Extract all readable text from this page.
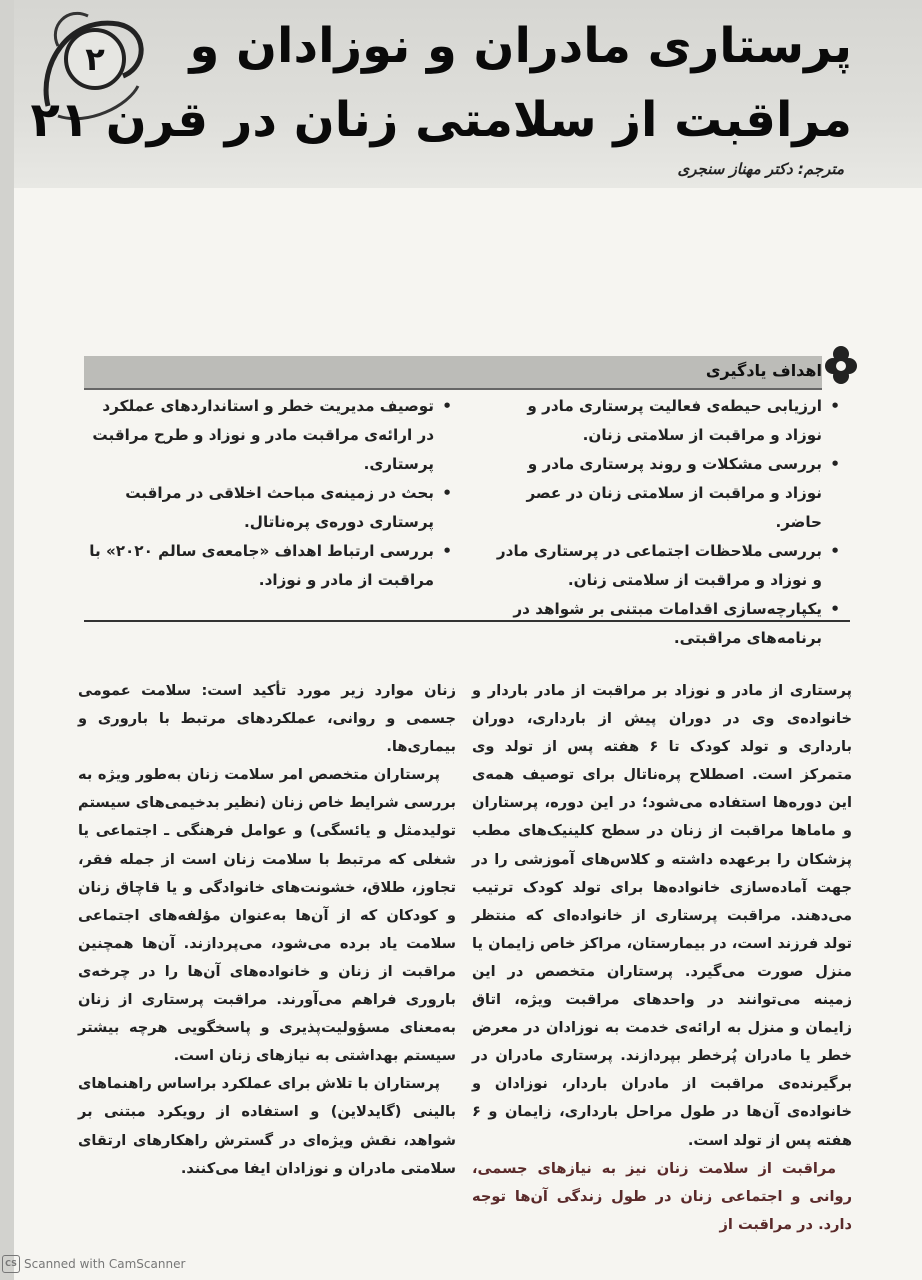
۲	پرستاری مادران و نوزادان و
مراقبت از سلامتی زنان در قرن ۲۱
مترجم: دکتر مهناز سنجری
اهداف یادگیری
• ارزیابی حیطه‌ی فعالیت پرستاری مادر و نوزاد و مراقبت از سلامتی زنان.
• بررسی مشکلات و روند پرستاری مادر و نوزاد و مراقبت از سلامتی زنان در عصر حاضر.
• بررسی ملاحظات اجتماعی در پرستاری مادر و نوزاد و مراقبت از سلامتی زنان.
• یکپارچه‌سازی اقدامات مبتنی بر شواهد در برنامه‌های مراقبتی.
• توصیف مدیریت خطر و استانداردهای عملکرد در ارائه‌ی مراقبت مادر و نوزاد و طرح مراقبت پرستاری.
• بحث در زمینه‌ی مباحث اخلاقی در مراقبت پرستاری دوره‌ی پره‌ناتال.
• بررسی ارتباط اهداف «جامعه‌ی سالم ۲۰۲۰» با مراقبت از مادر و نوزاد.

پرستاری از مادر و نوزاد بر مراقبت از مادر باردار و خانواده‌ی وی در دوران پیش از بارداری، دوران بارداری و تولد کودک تا ۶ هفته پس از تولد وی متمرکز است. اصطلاح پره‌ناتال برای توصیف همه‌ی این دوره‌ها استفاده می‌شود؛ در این دوره، پرستاران و ماماها مراقبت از زنان در سطح کلینیک‌های مطب پزشکان را برعهده داشته و کلاس‌های آموزشی را در جهت آماده‌سازی خانواده‌ها برای تولد کودک ترتیب می‌دهند. مراقبت پرستاری از خانواده‌ای که منتظر تولد فرزند است، در بیمارستان، مراکز خاص زایمان یا منزل صورت می‌گیرد. پرستاران متخصص در این زمینه می‌توانند در واحدهای مراقبت ویژه، اتاق زایمان و منزل به ارائه‌ی خدمت به نوزادان در معرض خطر یا مادران پُرخطر بپردازند. پرستاری مادران در برگیرنده‌ی مراقبت از مادران باردار، نوزادان و خانواده‌ی آن‌ها در طول مراحل بارداری، زایمان و ۶ هفته پس از تولد است.

مراقبت از سلامت زنان نیز به نیازهای جسمی، روانی و اجتماعی زنان در طول زندگی آن‌ها توجه دارد. در مراقبت از

زنان موارد زیر مورد تأکید است: سلامت عمومی جسمی و روانی، عملکردهای مرتبط با باروری و بیماری‌ها.

پرستاران متخصص امر سلامت زنان به‌طور ویژه به بررسی شرایط خاص زنان (نظیر بدخیمی‌های سیستم تولیدمثل و یائسگی) و عوامل فرهنگی ـ اجتماعی یا شغلی که مرتبط با سلامت زنان است از جمله فقر، تجاوز، طلاق، خشونت‌های خانوادگی و یا قاچاق زنان و کودکان که از آن‌ها به‌عنوان مؤلفه‌های اجتماعی سلامت یاد برده می‌شود، می‌پردازند. آن‌ها همچنین مراقبت از زنان و خانواده‌های آن‌ها را در چرخه‌ی باروری فراهم می‌آورند. مراقبت پرستاری از زنان به‌معنای مسؤولیت‌پذیری و پاسخگویی هرچه بیشتر سیستم بهداشتی به نیازهای زنان است.

پرستاران با تلاش برای عملکرد براساس راهنماهای بالینی (گایدلاین) و استفاده از رویکرد مبتنی بر شواهد، نقش ویژه‌ای در گسترش راهکارهای ارتقای سلامتی مادران و نوزادان ایفا می‌کنند.

CS Scanned with CamScanner
